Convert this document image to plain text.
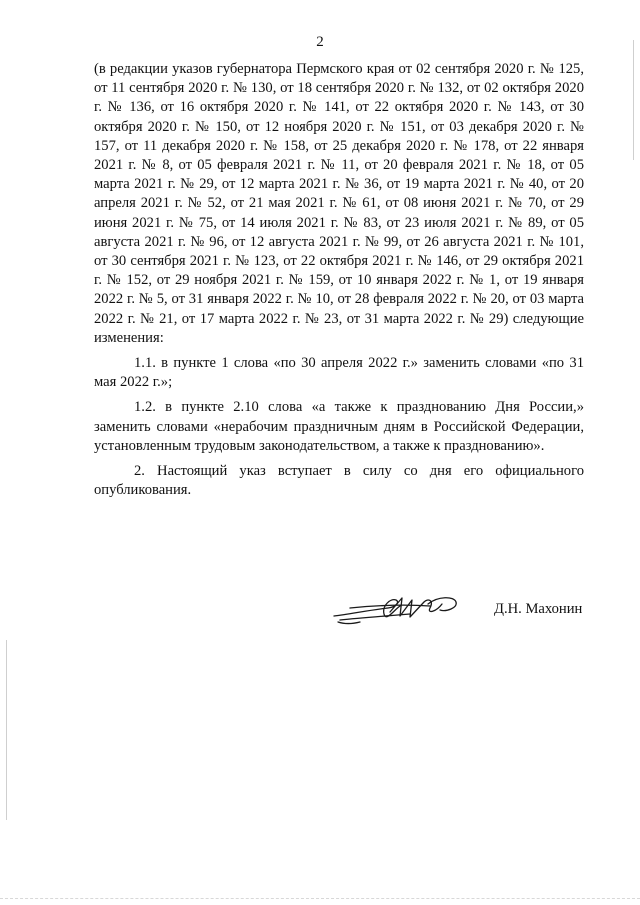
2

(в редакции указов губернатора Пермского края от 02 сентября 2020 г. № 125, от 11 сентября 2020 г. № 130, от 18 сентября 2020 г. № 132, от 02 октября 2020 г. № 136, от 16 октября 2020 г. № 141, от 22 октября 2020 г. № 143, от 30 октября 2020 г. № 150, от 12 ноября 2020 г. № 151, от 03 декабря 2020 г. № 157, от 11 декабря 2020 г. № 158, от 25 декабря 2020 г. № 178, от 22 января 2021 г. № 8, от 05 февраля 2021 г. № 11, от 20 февраля 2021 г. № 18, от 05 марта 2021 г. № 29, от 12 марта 2021 г. № 36, от 19 марта 2021 г. № 40, от 20 апреля 2021 г. № 52, от 21 мая 2021 г. № 61, от 08 июня 2021 г. № 70, от 29 июня 2021 г. № 75, от 14 июля 2021 г. № 83, от 23 июля 2021 г. № 89, от 05 августа 2021 г. № 96, от 12 августа 2021 г. № 99, от 26 августа 2021 г. № 101, от 30 сентября 2021 г. № 123, от 22 октября 2021 г. № 146, от 29 октября 2021 г. № 152, от 29 ноября 2021 г. № 159, от 10 января 2022 г. № 1, от 19 января 2022 г. № 5, от 31 января 2022 г. № 10, от 28 февраля 2022 г. № 20, от 03 марта 2022 г. № 21, от 17 марта 2022 г. № 23, от 31 марта 2022 г. № 29) следующие изменения:

1.1. в пункте 1 слова «по 30 апреля 2022 г.» заменить словами «по 31 мая 2022 г.»;

1.2. в пункте 2.10 слова «а также к празднованию Дня России,» заменить словами «нерабочим праздничным дням в Российской Федерации, установленным трудовым законодательством, а также к празднованию».

2. Настоящий указ вступает в силу со дня его официального опубликования.

Д.Н. Махонин
